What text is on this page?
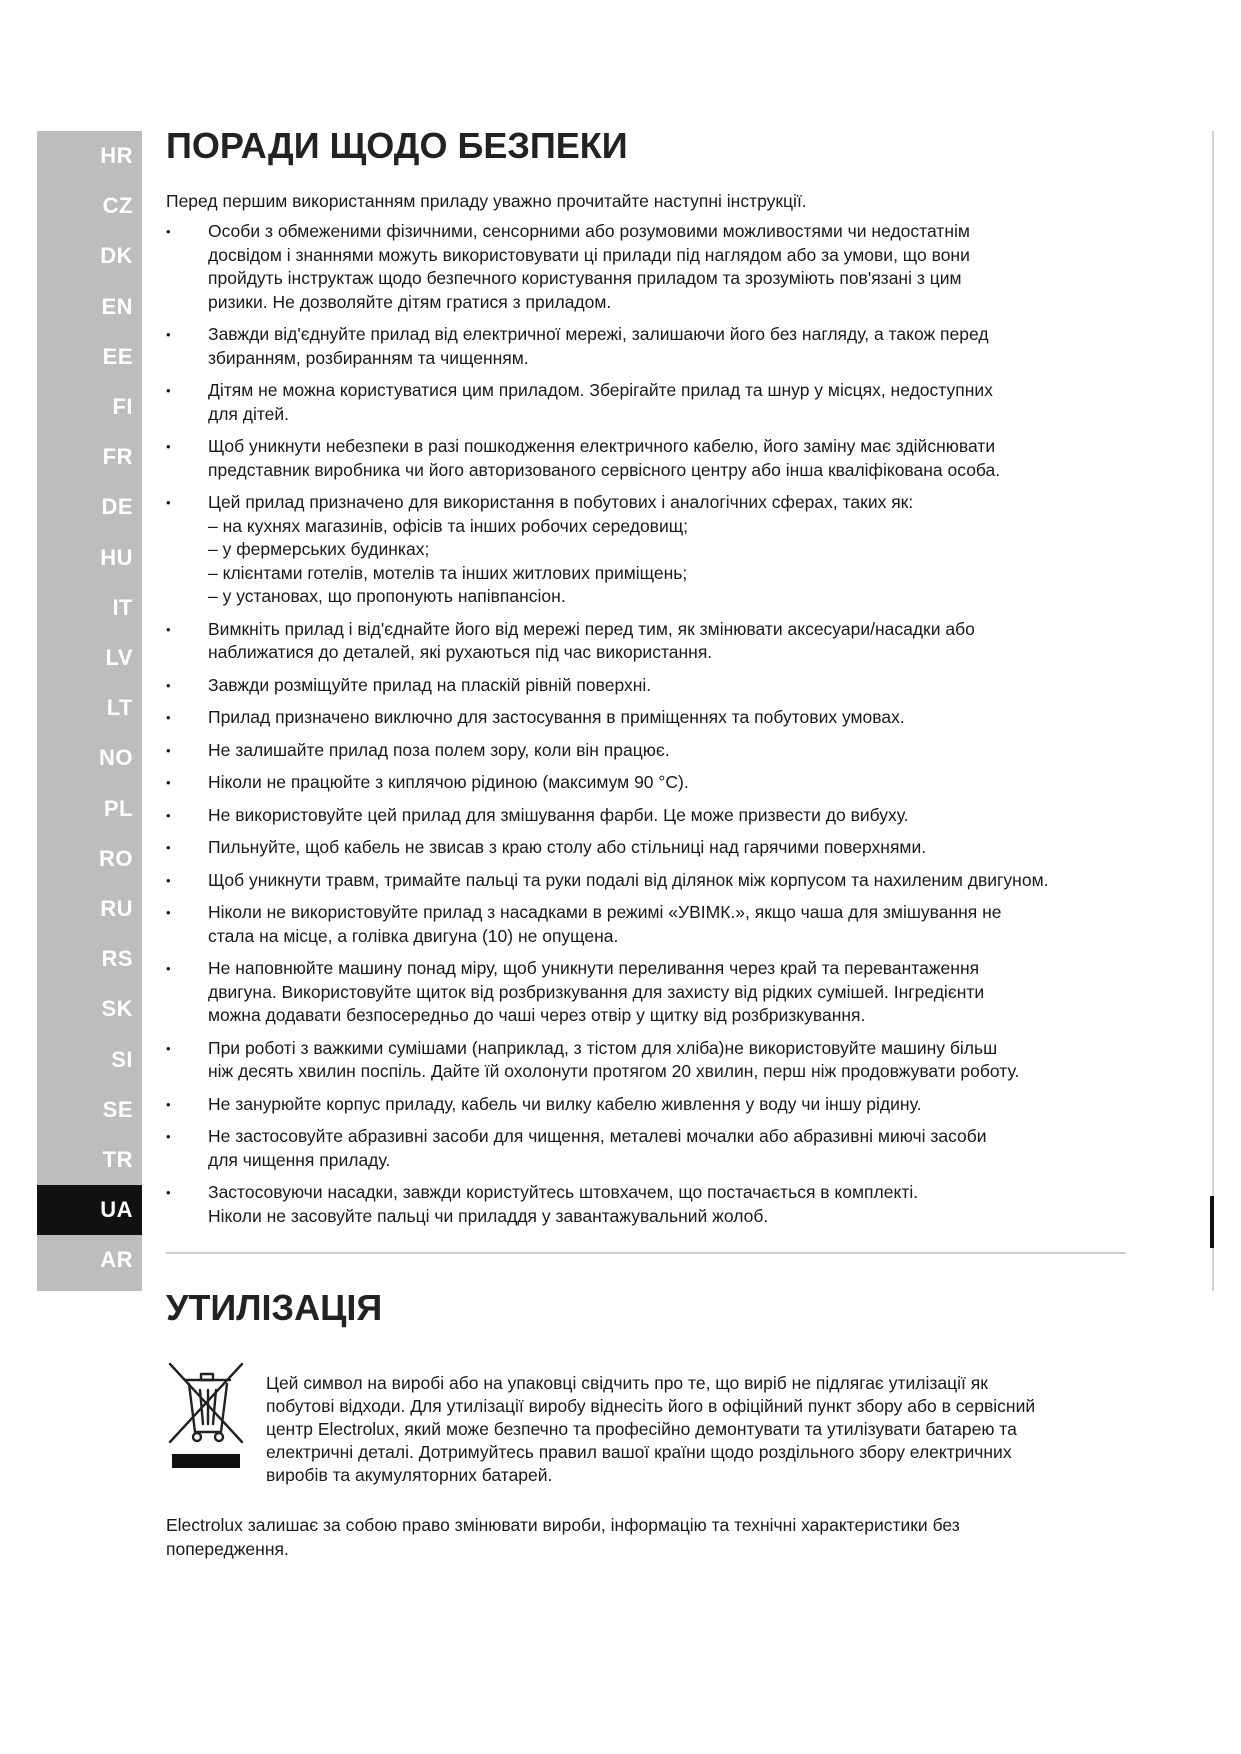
HR
CZ
DK
EN
EE
FI
FR
DE
HU
IT
LV
LT
NO
PL
RO
RU
RS
SK
SI
SE
TR
UA
AR
ПОРАДИ ЩОДО БЕЗПЕКИ

Перед першим використанням приладу уважно прочитайте наступні інструкції.

• Особи з обмеженими фізичними, сенсорними або розумовими можливостями чи недостатнім
досвідом і знаннями можуть використовувати ці прилади під наглядом або за умови, що вони
пройдуть інструктаж щодо безпечного користування приладом та зрозуміють пов'язані з цим
ризики. Не дозволяйте дітям гратися з приладом.
• Завжди від'єднуйте прилад від електричної мережі, залишаючи його без нагляду, а також перед
збиранням, розбиранням та чищенням.
• Дітям не можна користуватися цим приладом. Зберігайте прилад та шнур у місцях, недоступних
для дітей.
• Щоб уникнути небезпеки в разі пошкодження електричного кабелю, його заміну має здійснювати
представник виробника чи його авторизованого сервісного центру або інша кваліфікована особа.
• Цей прилад призначено для використання в побутових і аналогічних сферах, таких як:
– на кухнях магазинів, офісів та інших робочих середовищ;
– у фермерських будинках;
– клієнтами готелів, мотелів та інших житлових приміщень;
– у установах, що пропонують напівпансіон.
• Вимкніть прилад і від'єднайте його від мережі перед тим, як змінювати аксесуари/насадки або
наближатися до деталей, які рухаються під час використання.
• Завжди розміщуйте прилад на пласкій рівній поверхні.
• Прилад призначено виключно для застосування в приміщеннях та побутових умовах.
• Не залишайте прилад поза полем зору, коли він працює.
• Ніколи не працюйте з киплячою рідиною (максимум 90 °C).
• Не використовуйте цей прилад для змішування фарби. Це може призвести до вибуху.
• Пильнуйте, щоб кабель не звисав з краю столу або стільниці над гарячими поверхнями.
• Щоб уникнути травм, тримайте пальці та руки подалі від ділянок між корпусом та нахиленим двигуном.
• Ніколи не використовуйте прилад з насадками в режимі «УВІМК.», якщо чаша для змішування не
стала на місце, а голівка двигуна (10) не опущена.
• Не наповнюйте машину понад міру, щоб уникнути переливання через край та перевантаження
двигуна. Використовуйте щиток від розбризкування для захисту від рідких сумішей. Інгредієнти
можна додавати безпосередньо до чаші через отвір у щитку від розбризкування.
• При роботі з важкими сумішами (наприклад, з тістом для хліба)не використовуйте машину більш
ніж десять хвилин поспіль. Дайте їй охолонути протягом 20 хвилин, перш ніж продовжувати роботу.
• Не занурюйте корпус приладу, кабель чи вилку кабелю живлення у воду чи іншу рідину.
• Не застосовуйте абразивні засоби для чищення, металеві мочалки або абразивні миючі засоби
для чищення приладу.
• Застосовуючи насадки, завжди користуйтесь штовхачем, що постачається в комплекті.
Ніколи не засовуйте пальці чи приладдя у завантажувальний жолоб.
УТИЛІЗАЦІЯ
Цей символ на виробі або на упаковці свідчить про те, що виріб не підлягає утилізації як
побутові відходи. Для утилізації виробу віднесіть його в офіційний пункт збору або в сервісний
центр Electrolux, який може безпечно та професійно демонтувати та утилізувати батарею та
електричні деталі. Дотримуйтесь правил вашої країни щодо роздільного збору електричних
виробів та акумуляторних батарей.
Electrolux залишає за собою право змінювати вироби, інформацію та технічні характеристики без
попередження.
